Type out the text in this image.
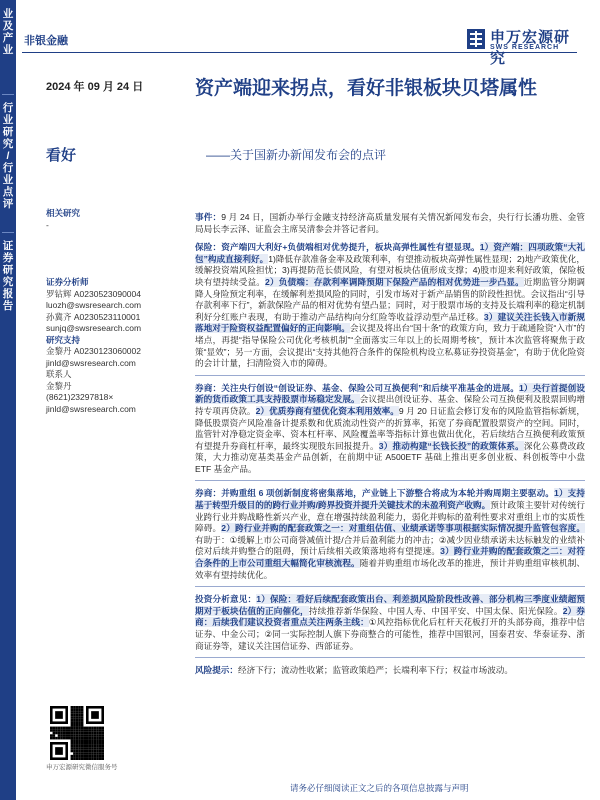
业
及
产
业
行
业
研
究
/
行
业
点
评
证
券
研
究
报
告
非银金融	申万宏源研究
SWS RESEARCH
2024 年 09 月 24 日	资产端迎来拐点，看好非银板块贝塔属性
——关于国新办新闻发布会的点评
看好
相关研究
-
证券分析师
罗钻辉 A0230523090004
luozh@swsresearch.com
孙冀齐 A0230523110001
sunjq@swsresearch.com
研究支持
金黎丹 A0230123060002
jinld@swsresearch.com
联系人
金黎丹
(8621)23297818×
jinld@swsresearch.com
申万宏源研究微信服务号

事件：9 月 24 日，国新办举行金融支持经济高质量发展有关情况新闻发布会，央行行长潘功胜、金管局局长李云泽、证监会主席吴清参会并答记者问。

保险：资产端四大利好+负债端相对优势提升，板块高弹性属性有望显现。1）资产端：四项政策“大礼包”构成直接利好。1)降低存款准备金率及政策利率，有望推动板块高弹性属性显现；2)地产政策优化，缓解投资端风险担忧；3)再提防范长债风险，有望对板块估值形成支撑；4)股市迎来利好政策，保险板块有望持续受益。2）负债端：存款利率调降预期下保险产品的相对优势进一步凸显。近期监管分期调降人身险预定利率，在缓解利差损风险的同时，引发市场对于新产品销售的阶段性担忧。会议指出“引导存款利率下行”，新款保险产品的相对优势有望凸显；同时，对于股票市场的支持及长端利率的稳定机制利好分红账户表现，有助于推动产品结构向分红险等收益浮动型产品迁移。3）建议关注长钱入市新规落地对于险资权益配置偏好的正向影响。会议提及将出台“国十条”的政策方向，致力于疏通险资“入市”的堵点，再提“指导保险公司优化考核机制”“全面落实三年以上的长周期考核”，预计本次监管将聚焦于政策“显效”；另一方面，会议提出“支持其他符合条件的保险机构设立私募证券投资基金”，有助于优化险资的会计计量，扫清险资入市的障碍。

券商：关注央行创设“创设证券、基金、保险公司互换便利”和后续平准基金的进展。1）央行首提创设新的货币政策工具支持股票市场稳定发展。会议提出创设证券、基金、保险公司互换便利及股票回购增持专项再贷款。2）优质券商有望优化资本利用效率。9 月 20 日证监会修订发布的风险监管指标新规，降低股票资产风险准备计提系数和优质流动性资产的折算率，拓宽了券商配置股票资产的空间。同时，监管针对净稳定资金率、资本杠杆率、风险覆盖率等指标计算也做出优化，若后续结合互换便利政策预有望提升券商杠杆率，最终实现股东回报提升。3）推动构建“长钱长投”的政策体系。深化公募费改政策，大力推动宽基类基金产品创新，在前期中证 A500ETF 基础上推出更多创业板、科创板等中小盘 ETF 基金产品。

券商：并购重组 6 项创新制度将密集落地，产业链上下游整合将成为本轮并购周期主要驱动。1）支持基于转型升级目的的跨行业并购/跨界投资并提升关键技术的未盈利资产收购。预计政策主要针对传统行业跨行业并购战略性新兴产业，意在增强持续盈利能力，弱化并购标的盈利性要求对重组上市的实质性障碍。2）跨行业并购的配套政策之一：对重组估值、业绩承诺等事项根据实际情况提升监管包容度。有助于：①缓解上市公司商誉减值计提/合并后盈利能力的冲击；②减少因业绩承诺未达标触发的业绩补偿对后续并购整合的阻碍，预计后续相关政策落地将有望提速。3）跨行业并购的配套政策之二：对符合条件的上市公司重组大幅简化审核流程。随着并购重组市场化改革的推进，预计并购重组审核机制、效率有望持续优化。

投资分析意见：1）保险：看好后续配套政策出台、利差损风险阶段性改善、部分机构三季度业绩超预期对于板块估值的正向催化，持续推荐新华保险、中国人寿、中国平安、中国太保、阳光保险。2）券商：后续我们建议投资者重点关注两条主线：①风控指标优化后杠杆天花板打开的头部券商，推荐中信证券、中金公司；②同一实际控制人旗下券商整合的可能性，推荐中国银河，国泰君安、华泰证券、浙商证券等，建议关注国信证券、西部证券。

风险提示：经济下行；流动性收紧；监管政策趋严；长端利率下行；权益市场波动。

请务必仔细阅读正文之后的各项信息披露与声明
